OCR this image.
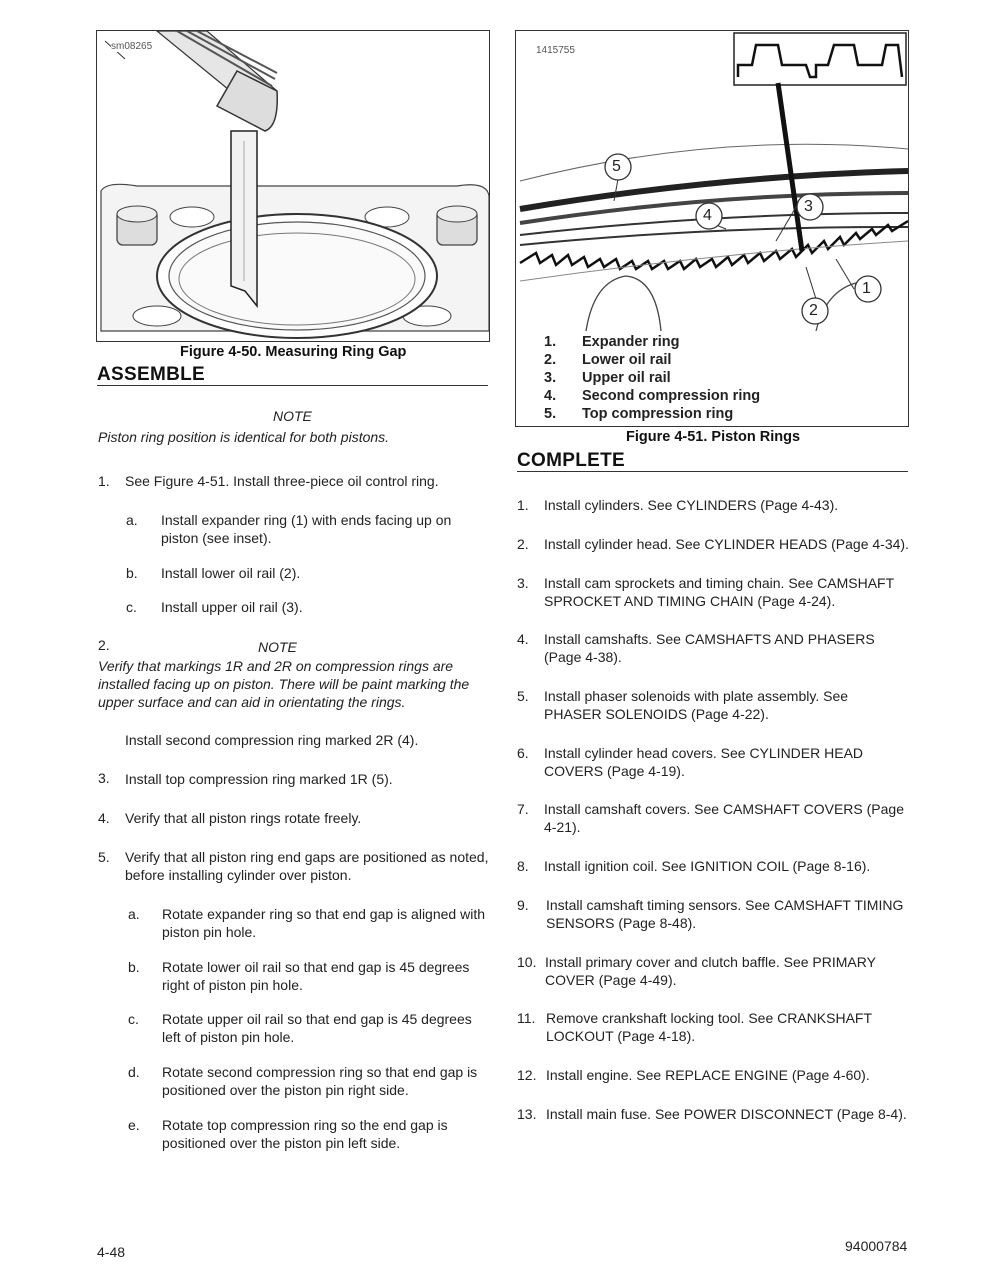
sm08265
Figure 4-50. Measuring Ring Gap
ASSEMBLE
NOTE
Piston ring position is identical for both pistons.
1. See Figure 4-51. Install three-piece oil control ring.
a. Install expander ring (1) with ends facing up on piston (see inset).
b. Install lower oil rail (2).
c. Install upper oil rail (3).
2.	NOTE
Verify that markings 1R and 2R on compression rings are installed facing up on piston. There will be paint marking the upper surface and can aid in orientating the rings.
Install second compression ring marked 2R (4).
3. Install top compression ring marked 1R (5).
4. Verify that all piston rings rotate freely.
5. Verify that all piston ring end gaps are positioned as noted, before installing cylinder over piston.
a. Rotate expander ring so that end gap is aligned with piston pin hole.
b. Rotate lower oil rail so that end gap is 45 degrees right of piston pin hole.
c. Rotate upper oil rail so that end gap is 45 degrees left of piston pin hole.
d. Rotate second compression ring so that end gap is positioned over the piston pin right side.
e. Rotate top compression ring so the end gap is positioned over the piston pin left side.
1415755
5
4
3
1
2
1. Expander ring
2. Lower oil rail
3. Upper oil rail
4. Second compression ring
5. Top compression ring
Figure 4-51. Piston Rings
COMPLETE
1. Install cylinders. See CYLINDERS (Page 4-43).
2. Install cylinder head. See CYLINDER HEADS (Page 4-34).
3. Install cam sprockets and timing chain. See CAMSHAFT SPROCKET AND TIMING CHAIN (Page 4-24).
4. Install camshafts. See CAMSHAFTS AND PHASERS (Page 4-38).
5. Install phaser solenoids with plate assembly. See PHASER SOLENOIDS (Page 4-22).
6. Install cylinder head covers. See CYLINDER HEAD COVERS (Page 4-19).
7. Install camshaft covers. See CAMSHAFT COVERS (Page 4-21).
8. Install ignition coil. See IGNITION COIL (Page 8-16).
9. Install camshaft timing sensors. See CAMSHAFT TIMING SENSORS (Page 8-48).
10. Install primary cover and clutch baffle. See PRIMARY COVER (Page 4-49).
11. Remove crankshaft locking tool. See CRANKSHAFT LOCKOUT (Page 4-18).
12. Install engine. See REPLACE ENGINE (Page 4-60).
13. Install main fuse. See POWER DISCONNECT (Page 8-4).
4-48	94000784
